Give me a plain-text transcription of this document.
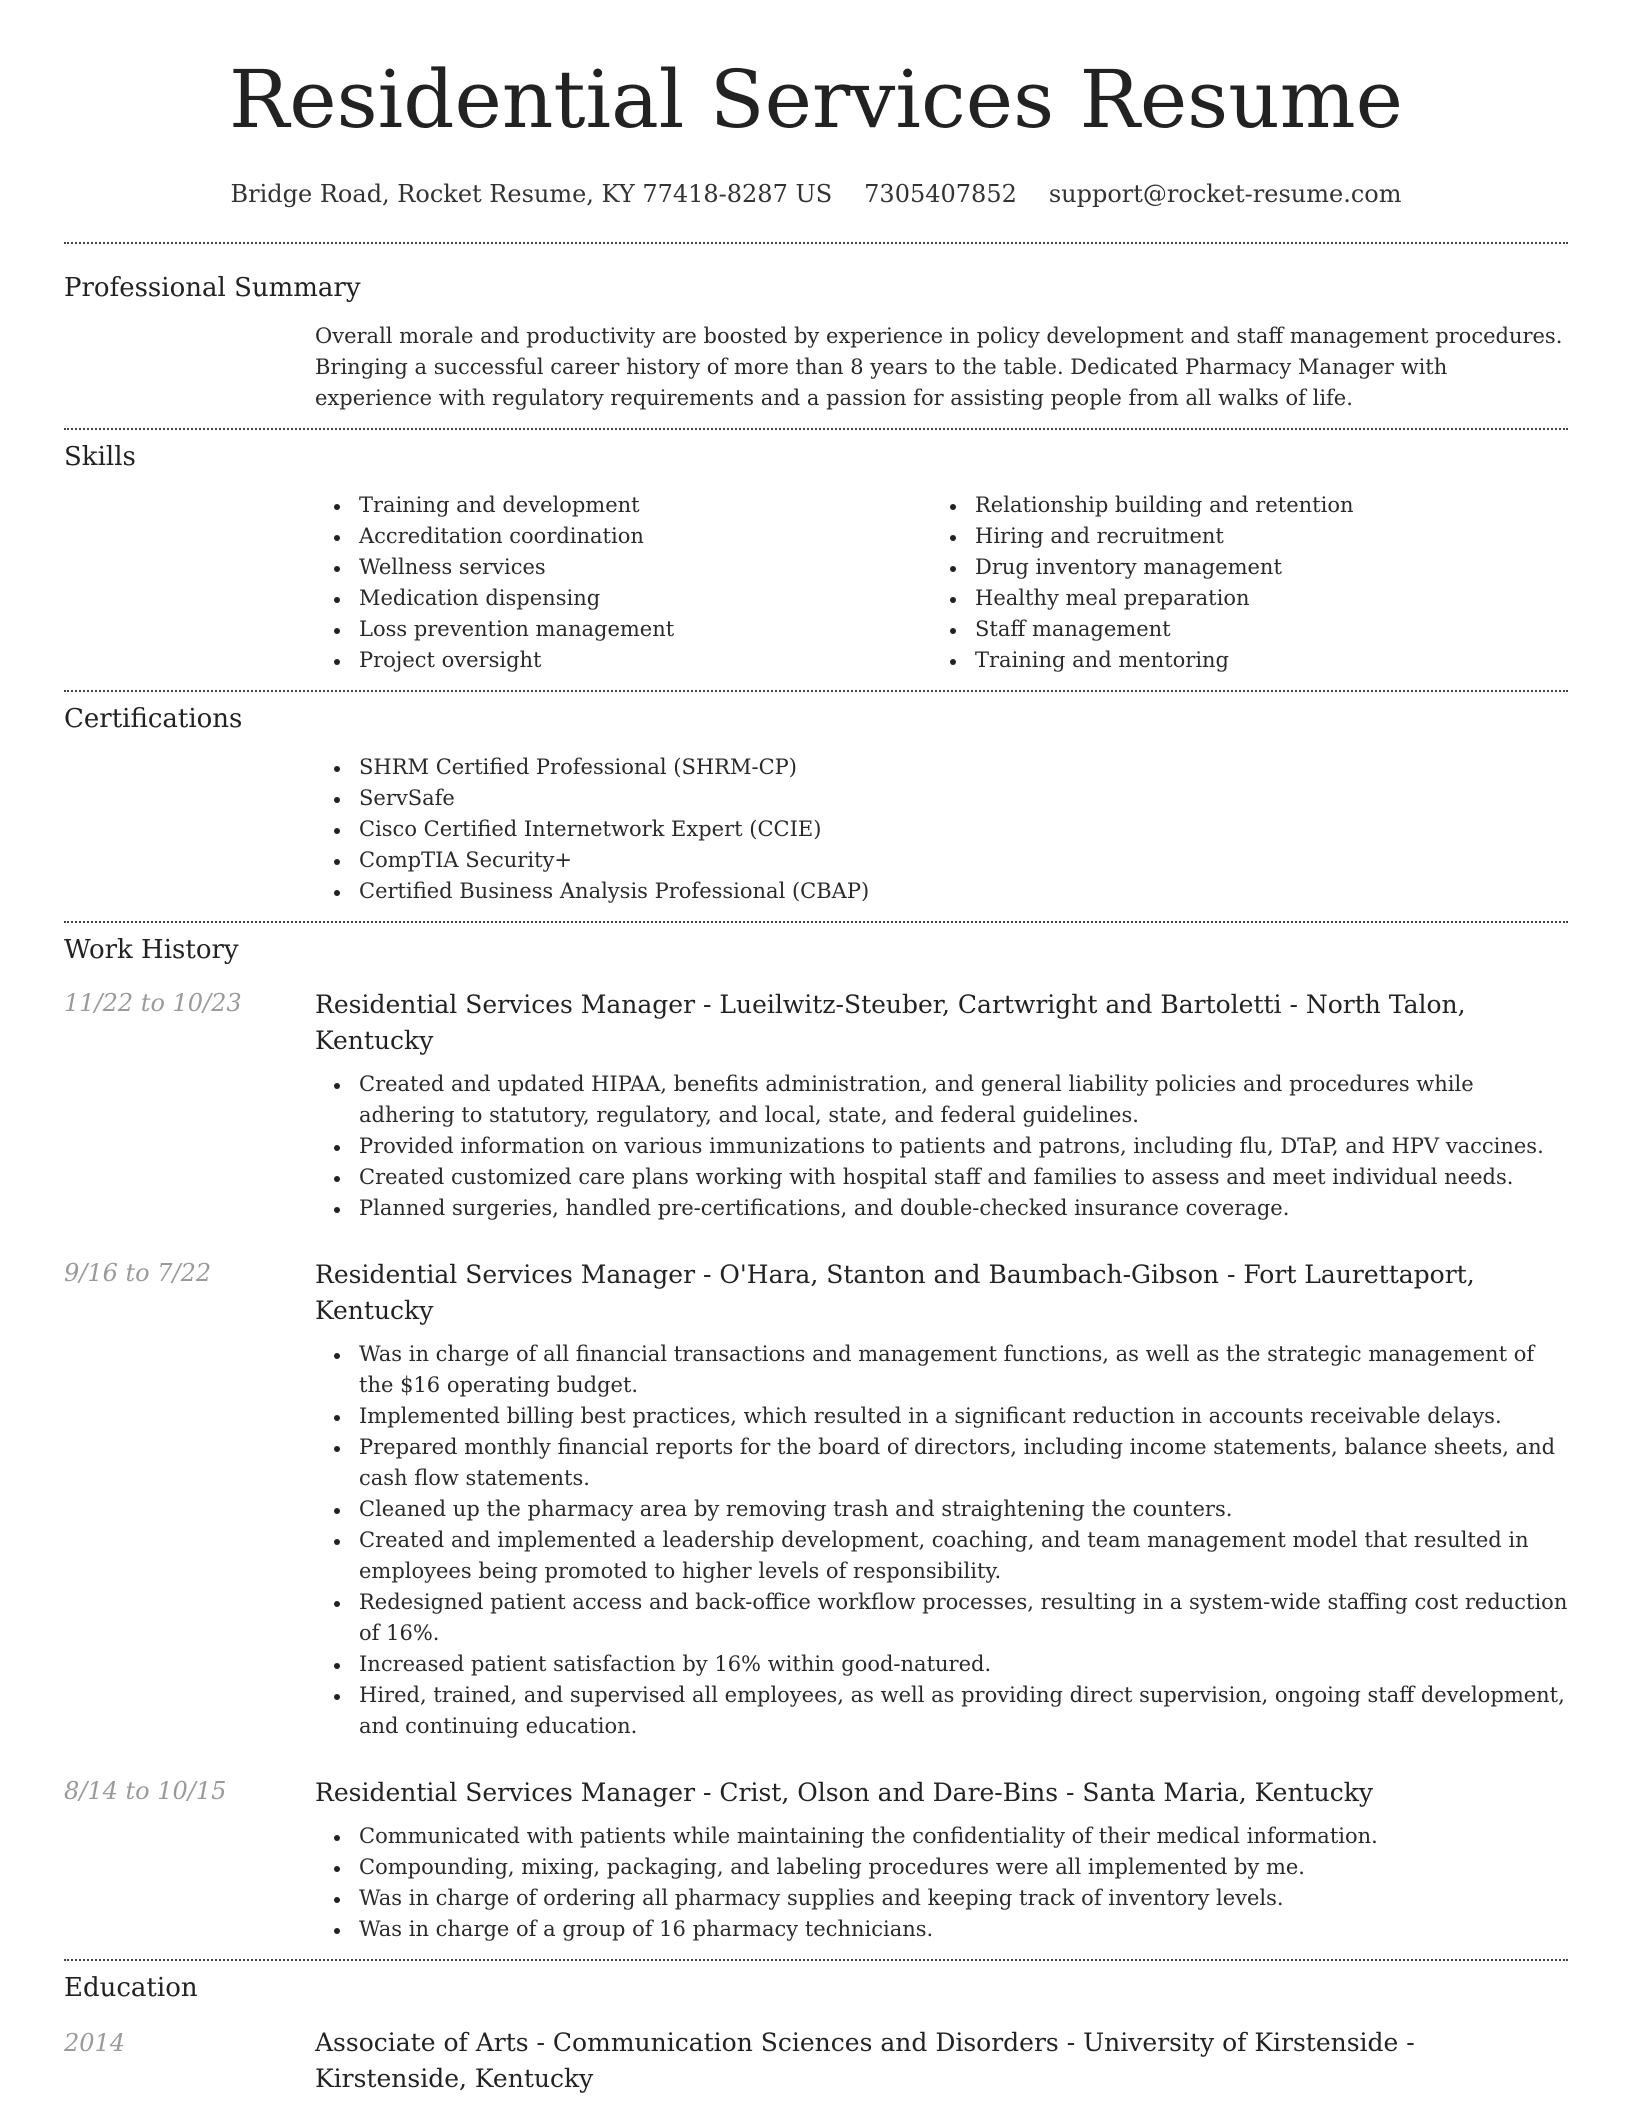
Residential Services Resume
Bridge Road, Rocket Resume, KY 77418-8287 US 7305407852 support@rocket-resume.com
Professional Summary

Overall morale and productivity are boosted by experience in policy development and staff management procedures. Bringing a successful career history of more than 8 years to the table. Dedicated Pharmacy Manager with experience with regulatory requirements and a passion for assisting people from all walks of life.

Skills
Training and development
Accreditation coordination
Wellness services
Medication dispensing
Loss prevention management
Project oversight
Relationship building and retention
Hiring and recruitment
Drug inventory management
Healthy meal preparation
Staff management
Training and mentoring
Certifications
SHRM Certified Professional (SHRM-CP)
ServSafe
Cisco Certified Internetwork Expert (CCIE)
CompTIA Security+
Certified Business Analysis Professional (CBAP)
Work History
11/22 to 10/23	Residential Services Manager - Lueilwitz-Steuber, Cartwright and Bartoletti - North Talon, Kentucky
Created and updated HIPAA, benefits administration, and general liability policies and procedures while adhering to statutory, regulatory, and local, state, and federal guidelines.
Provided information on various immunizations to patients and patrons, including flu, DTaP, and HPV vaccines.
Created customized care plans working with hospital staff and families to assess and meet individual needs.
Planned surgeries, handled pre-certifications, and double-checked insurance coverage.
9/16 to 7/22	Residential Services Manager - O'Hara, Stanton and Baumbach-Gibson - Fort Laurettaport, Kentucky
Was in charge of all financial transactions and management functions, as well as the strategic management of the $16 operating budget.
Implemented billing best practices, which resulted in a significant reduction in accounts receivable delays.
Prepared monthly financial reports for the board of directors, including income statements, balance sheets, and cash flow statements.
Cleaned up the pharmacy area by removing trash and straightening the counters.
Created and implemented a leadership development, coaching, and team management model that resulted in employees being promoted to higher levels of responsibility.
Redesigned patient access and back-office workflow processes, resulting in a system-wide staffing cost reduction of 16%.
Increased patient satisfaction by 16% within good-natured.
Hired, trained, and supervised all employees, as well as providing direct supervision, ongoing staff development, and continuing education.
8/14 to 10/15	Residential Services Manager - Crist, Olson and Dare-Bins - Santa Maria, Kentucky
Communicated with patients while maintaining the confidentiality of their medical information.
Compounding, mixing, packaging, and labeling procedures were all implemented by me.
Was in charge of ordering all pharmacy supplies and keeping track of inventory levels.
Was in charge of a group of 16 pharmacy technicians.
Education
2014	Associate of Arts - Communication Sciences and Disorders - University of Kirstenside - Kirstenside, Kentucky
